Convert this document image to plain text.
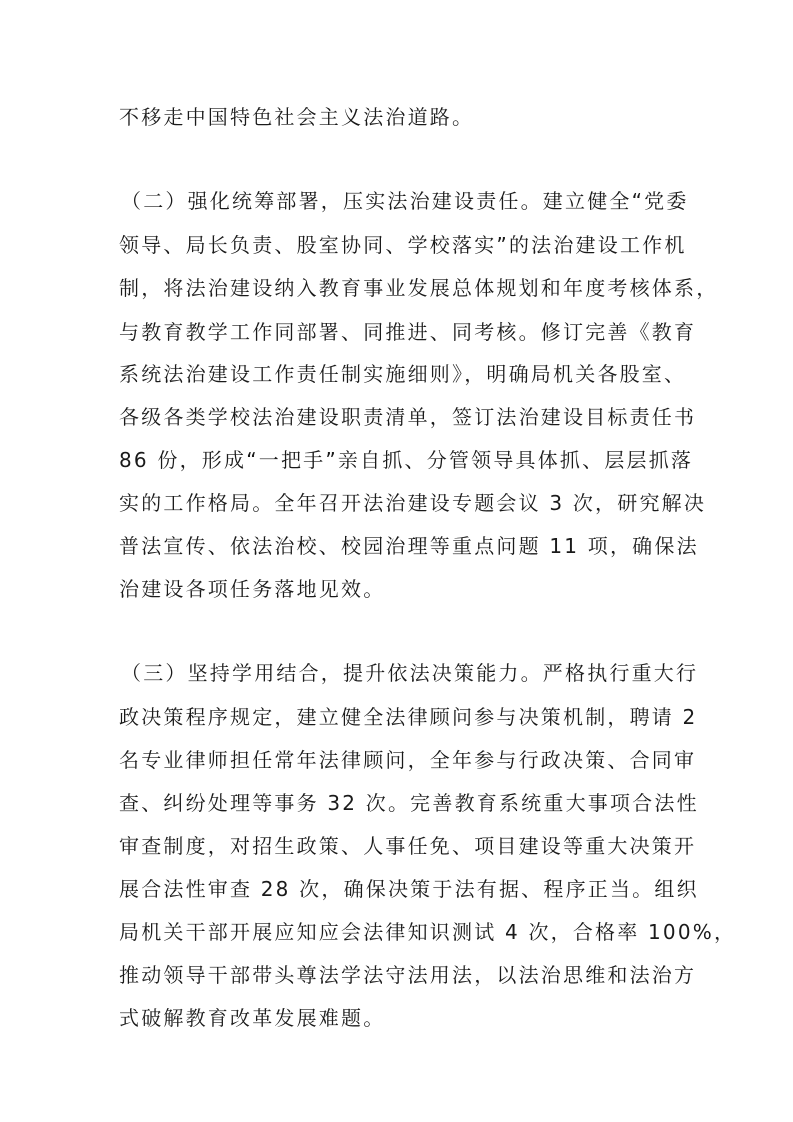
不移走中国特色社会主义法治道路。
（二）强化统筹部署，压实法治建设责任。建立健全“党委
领导、局长负责、股室协同、学校落实”的法治建设工作机
制，将法治建设纳入教育事业发展总体规划和年度考核体系，
与教育教学工作同部署、同推进、同考核。修订完善《教育
系统法治建设工作责任制实施细则》，明确局机关各股室、
各级各类学校法治建设职责清单，签订法治建设目标责任书
86 份，形成“一把手”亲自抓、分管领导具体抓、层层抓落
实的工作格局。全年召开法治建设专题会议 3 次，研究解决
普法宣传、依法治校、校园治理等重点问题 11 项，确保法
治建设各项任务落地见效。
（三）坚持学用结合，提升依法决策能力。严格执行重大行
政决策程序规定，建立健全法律顾问参与决策机制，聘请 2
名专业律师担任常年法律顾问，全年参与行政决策、合同审
查、纠纷处理等事务 32 次。完善教育系统重大事项合法性
审查制度，对招生政策、人事任免、项目建设等重大决策开
展合法性审查 28 次，确保决策于法有据、程序正当。组织
局机关干部开展应知应会法律知识测试 4 次，合格率 100%，
推动领导干部带头尊法学法守法用法，以法治思维和法治方
式破解教育改革发展难题。
